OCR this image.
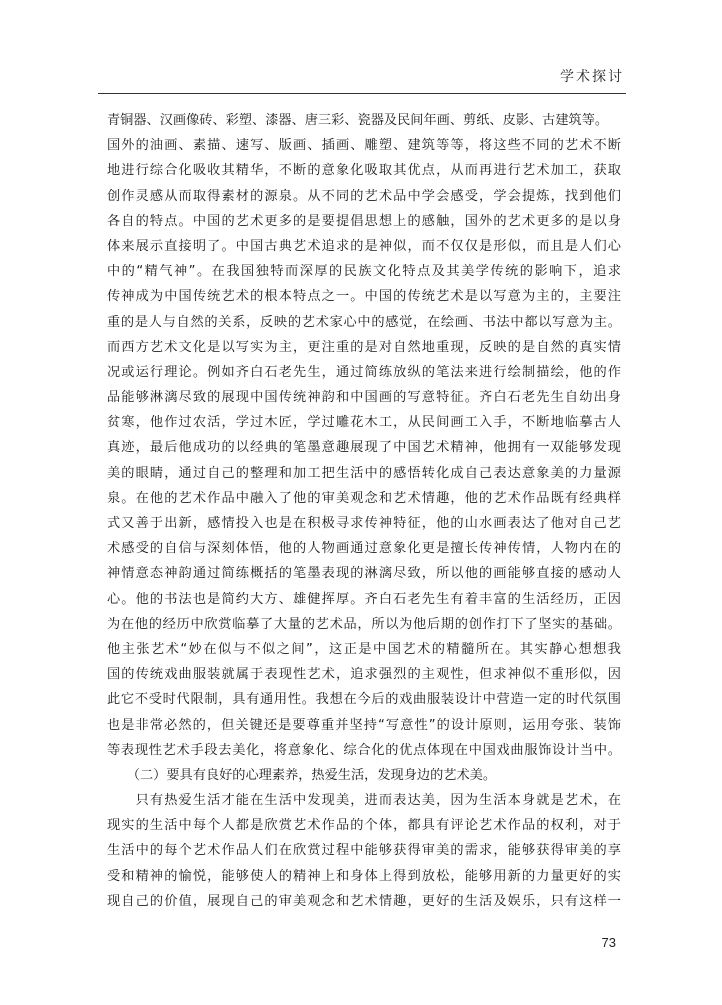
学术探讨
青铜器、汉画像砖、彩塑、漆器、唐三彩、瓷器及民间年画、剪纸、皮影、古建筑等。
国外的油画、素描、速写、版画、插画、雕塑、建筑等等，将这些不同的艺术不断
地进行综合化吸收其精华，不断的意象化吸取其优点，从而再进行艺术加工，获取
创作灵感从而取得素材的源泉。从不同的艺术品中学会感受，学会提炼，找到他们
各自的特点。中国的艺术更多的是要提倡思想上的感触，国外的艺术更多的是以身
体来展示直接明了。中国古典艺术追求的是神似，而不仅仅是形似，而且是人们心
中的“精气神”。在我国独特而深厚的民族文化特点及其美学传统的影响下，追求
传神成为中国传统艺术的根本特点之一。中国的传统艺术是以写意为主的，主要注
重的是人与自然的关系，反映的艺术家心中的感觉，在绘画、书法中都以写意为主。
而西方艺术文化是以写实为主，更注重的是对自然地重现，反映的是自然的真实情
况或运行理论。例如齐白石老先生，通过简练放纵的笔法来进行绘制描绘，他的作
品能够淋漓尽致的展现中国传统神韵和中国画的写意特征。齐白石老先生自幼出身
贫寒，他作过农活，学过木匠，学过雕花木工，从民间画工入手，不断地临摹古人
真迹，最后他成功的以经典的笔墨意趣展现了中国艺术精神，他拥有一双能够发现
美的眼睛，通过自己的整理和加工把生活中的感悟转化成自己表达意象美的力量源
泉。在他的艺术作品中融入了他的审美观念和艺术情趣，他的艺术作品既有经典样
式又善于出新，感情投入也是在积极寻求传神特征，他的山水画表达了他对自己艺
术感受的自信与深刻体悟，他的人物画通过意象化更是擅长传神传情，人物内在的
神情意态神韵通过简练概括的笔墨表现的淋漓尽致，所以他的画能够直接的感动人
心。他的书法也是简约大方、雄健挥厚。齐白石老先生有着丰富的生活经历，正因
为在他的经历中欣赏临摹了大量的艺术品，所以为他后期的创作打下了坚实的基础。
他主张艺术“妙在似与不似之间”，这正是中国艺术的精髓所在。其实静心想想我
国的传统戏曲服装就属于表现性艺术，追求强烈的主观性，但求神似不重形似，因
此它不受时代限制，具有通用性。我想在今后的戏曲服装设计中营造一定的时代氛围
也是非常必然的，但关键还是要尊重并坚持“写意性”的设计原则，运用夸张、装饰
等表现性艺术手段去美化，将意象化、综合化的优点体现在中国戏曲服饰设计当中。
　　（二）要具有良好的心理素养，热爱生活，发现身边的艺术美。
　　只有热爱生活才能在生活中发现美，进而表达美，因为生活本身就是艺术，在
现实的生活中每个人都是欣赏艺术作品的个体，都具有评论艺术作品的权利，对于
生活中的每个艺术作品人们在欣赏过程中能够获得审美的需求，能够获得审美的享
受和精神的愉悦，能够使人的精神上和身体上得到放松，能够用新的力量更好的实
现自己的价值，展现自己的审美观念和艺术情趣，更好的生活及娱乐，只有这样一
73
